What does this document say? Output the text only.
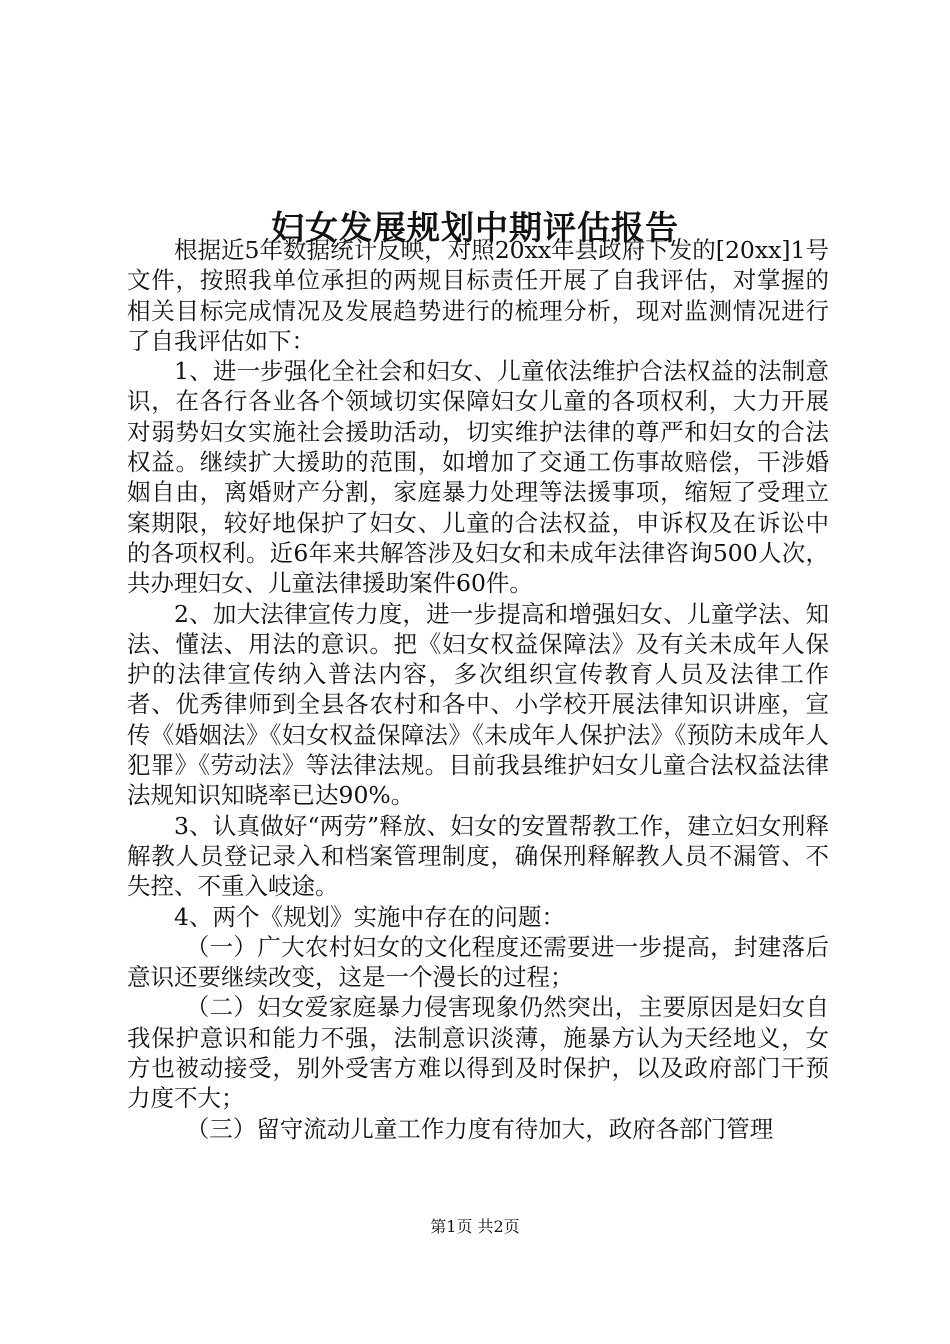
妇女发展规划中期评估报告

根据近5年数据统计反映，对照20xx年县政府下发的[20xx]1号文件，按照我单位承担的两规目标责任开展了自我评估，对掌握的相关目标完成情况及发展趋势进行的梳理分析，现对监测情况进行了自我评估如下：

1、进一步强化全社会和妇女、儿童依法维护合法权益的法制意识，在各行各业各个领域切实保障妇女儿童的各项权利，大力开展对弱势妇女实施社会援助活动，切实维护法律的尊严和妇女的合法权益。继续扩大援助的范围，如增加了交通工伤事故赔偿，干涉婚姻自由，离婚财产分割，家庭暴力处理等法援事项，缩短了受理立案期限，较好地保护了妇女、儿童的合法权益，申诉权及在诉讼中的各项权利。近6年来共解答涉及妇女和未成年法律咨询500人次，共办理妇女、儿童法律援助案件60件。

2、加大法律宣传力度，进一步提高和增强妇女、儿童学法、知法、懂法、用法的意识。把《妇女权益保障法》及有关未成年人保护的法律宣传纳入普法内容，多次组织宣传教育人员及法律工作者、优秀律师到全县各农村和各中、小学校开展法律知识讲座，宣传《婚姻法》《妇女权益保障法》《未成年人保护法》《预防未成年人犯罪》《劳动法》等法律法规。目前我县维护妇女儿童合法权益法律法规知识知晓率已达90%。

3、认真做好“两劳”释放、妇女的安置帮教工作，建立妇女刑释解教人员登记录入和档案管理制度，确保刑释解教人员不漏管、不失控、不重入岐途。

4、两个《规划》实施中存在的问题：

（一）广大农村妇女的文化程度还需要进一步提高，封建落后意识还要继续改变，这是一个漫长的过程；

（二）妇女爱家庭暴力侵害现象仍然突出，主要原因是妇女自我保护意识和能力不强，法制意识淡薄，施暴方认为天经地义，女方也被动接受，别外受害方难以得到及时保护，以及政府部门干预力度不大；

（三）留守流动儿童工作力度有待加大，政府各部门管理

第1页 共2页
